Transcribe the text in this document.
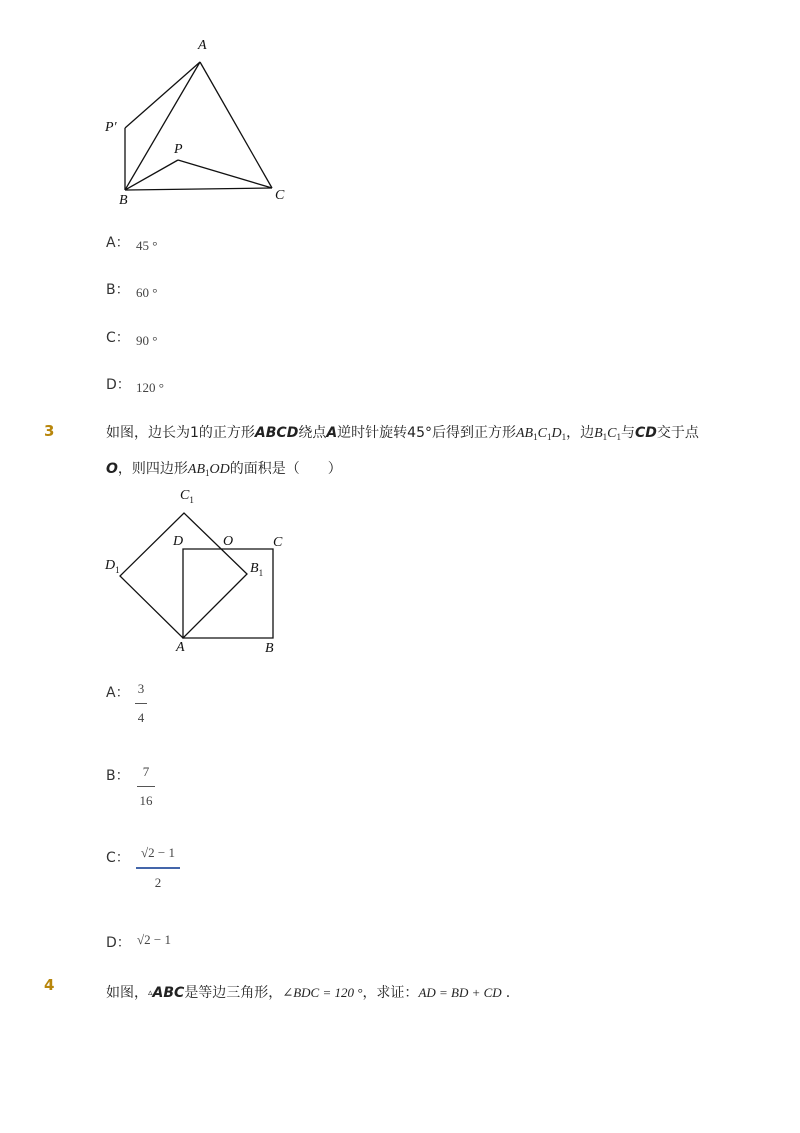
A
P′
P
B	C
A： 45 °
B： 60 °
C： 90 °
D： 120 °
3	如图，边长为1的正方形ABCD绕点A逆时针旋转45°后得到正方形$AB_1C_1D_1$，边$B_1C_1$与CD交于点
O，则四边形$AB_1OD$的面积是（　　）
$C_1$
D	O	C
$D_1$	$B_1$
A	B
A： 3
4
B：	7
16
C： √2 − 1
2
D： √2 − 1
4	如图，▵ABC是等边三角形，∠BDC = 120 °，求证：AD = BD + CD .
